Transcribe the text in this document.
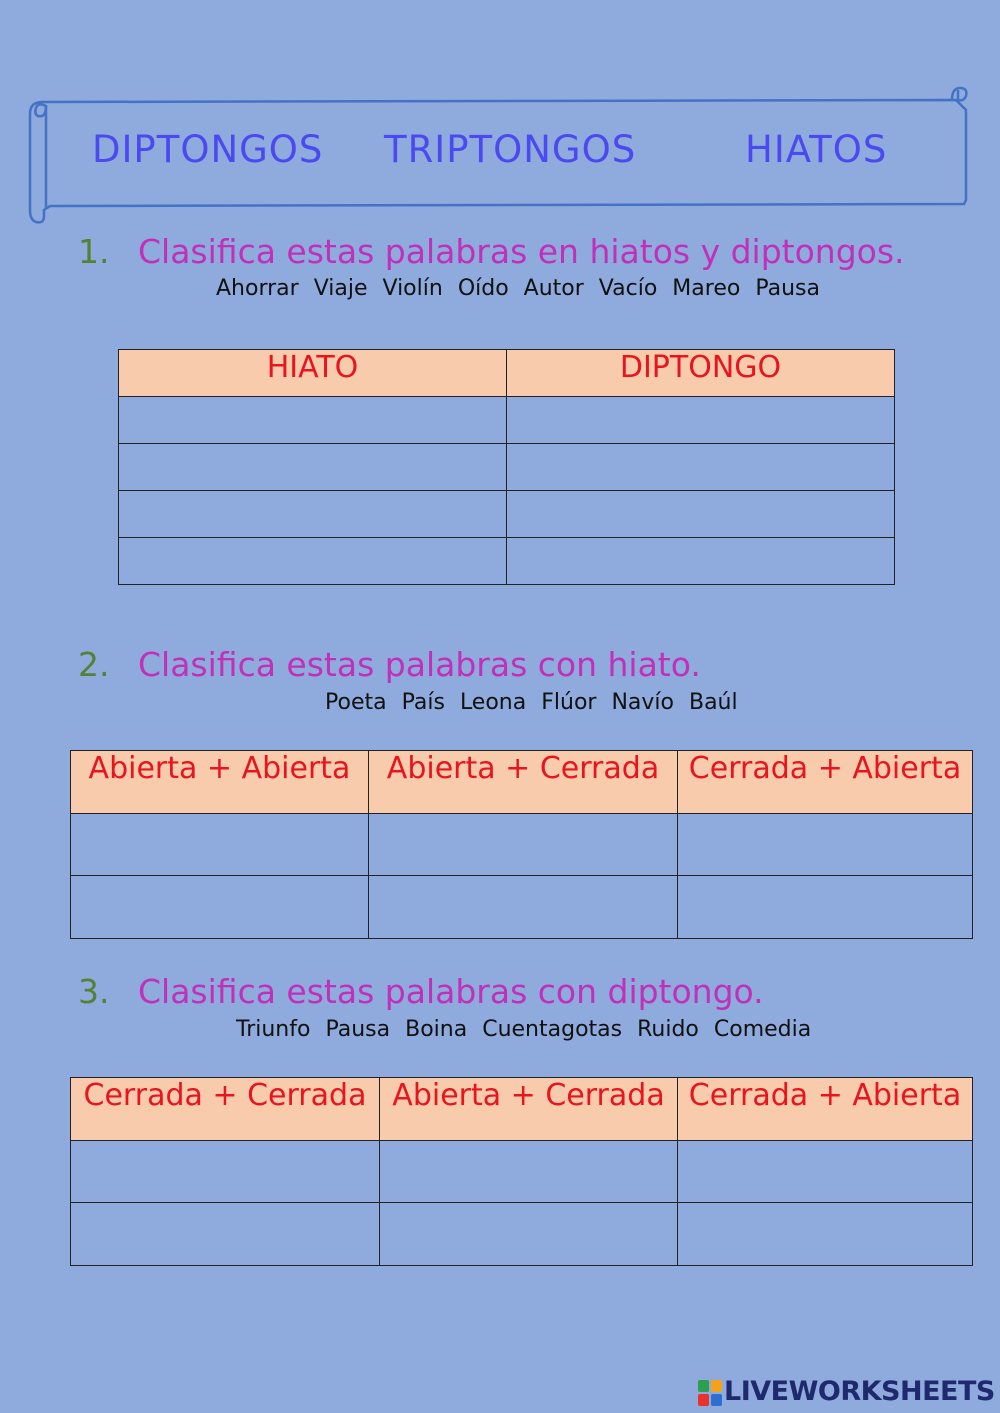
DIPTONGOS TRIPTONGOS	HIATOS
1. Clasifica estas palabras en hiatos y diptongos.
Ahorrar Viaje Violín Oído Autor Vacío Mareo Pausa
HIATO	DIPTONGO

2. Clasifica estas palabras con hiato.
Poeta País Leona Flúor Navío Baúl
Abierta + Abierta	Abierta + Cerrada	Cerrada + Abierta

3. Clasifica estas palabras con diptongo.
Triunfo Pausa Boina Cuentagotas Ruido Comedia
Cerrada + Cerrada	Abierta + Cerrada	Cerrada + Abierta

LIVEWORKSHEETS
